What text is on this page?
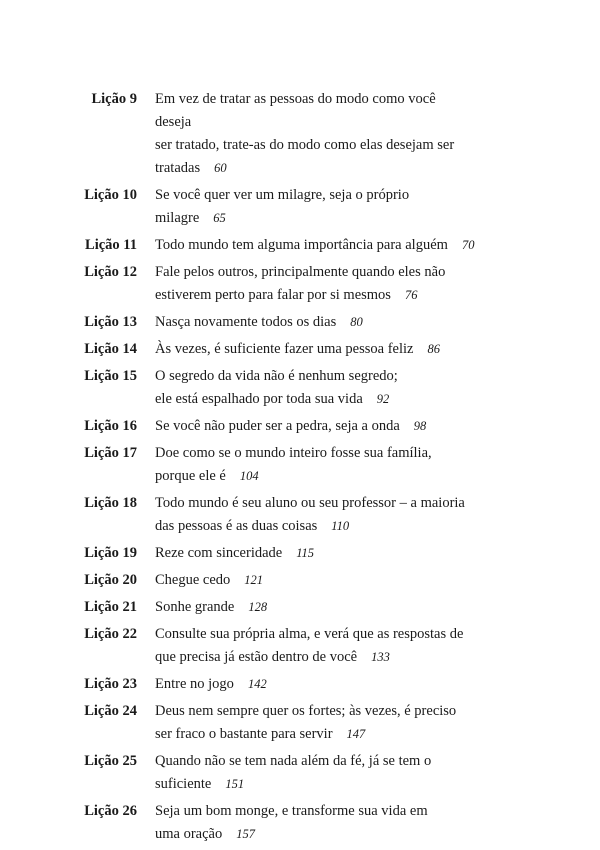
Lição 9	Em vez de tratar as pessoas do modo como você deseja
ser tratado, trate-as do modo como elas desejam ser
tratadas 60
Lição 10	Se você quer ver um milagre, seja o próprio milagre 65
Lição 11	Todo mundo tem alguma importância para alguém 70
Lição 12	Fale pelos outros, principalmente quando eles não
estiverem perto para falar por si mesmos 76
Lição 13	Nasça novamente todos os dias 80
Lição 14	Às vezes, é suficiente fazer uma pessoa feliz 86
Lição 15	O segredo da vida não é nenhum segredo;
ele está espalhado por toda sua vida 92
Lição 16	Se você não puder ser a pedra, seja a onda 98
Lição 17	Doe como se o mundo inteiro fosse sua família,
porque ele é 104
Lição 18	Todo mundo é seu aluno ou seu professor – a maioria
das pessoas é as duas coisas 110
Lição 19	Reze com sinceridade 115
Lição 20	Chegue cedo 121
Lição 21	Sonhe grande 128
Lição 22	Consulte sua própria alma, e verá que as respostas de
que precisa já estão dentro de você 133
Lição 23	Entre no jogo 142
Lição 24	Deus nem sempre quer os fortes; às vezes, é preciso
ser fraco o bastante para servir 147
Lição 25	Quando não se tem nada além da fé, já se tem o
suficiente 151
Lição 26	Seja um bom monge, e transforme sua vida em
uma oração 157
